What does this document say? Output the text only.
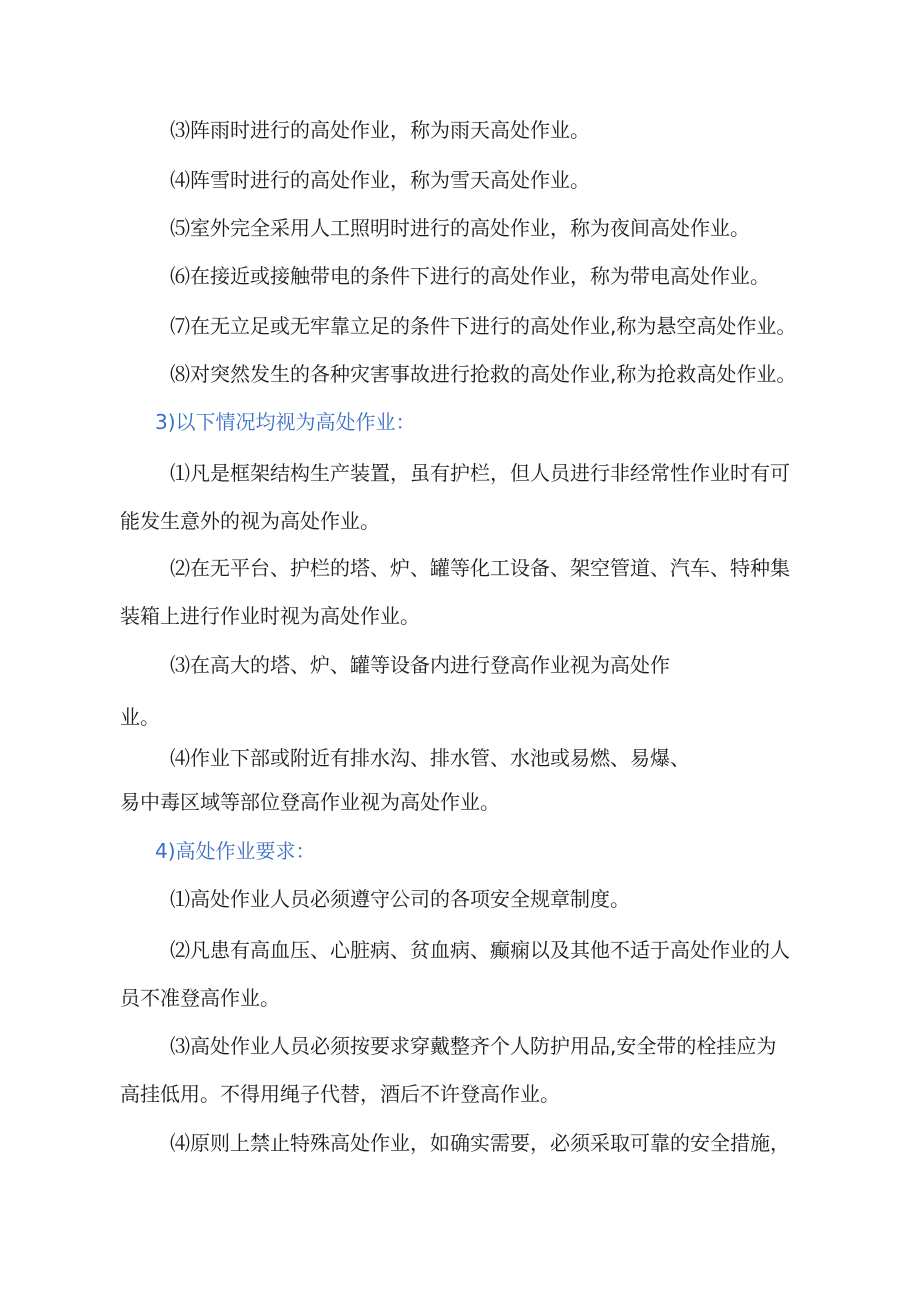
⑶阵雨时进行的高处作业，称为雨天高处作业。
⑷阵雪时进行的高处作业，称为雪天高处作业。
⑸室外完全采用人工照明时进行的高处作业，称为夜间高处作业。
⑹在接近或接触带电的条件下进行的高处作业，称为带电高处作业。
⑺在无立足或无牢靠立足的条件下进行的高处作业,称为悬空高处作业。
⑻对突然发生的各种灾害事故进行抢救的高处作业,称为抢救高处作业。
3)以下情况均视为高处作业：
⑴凡是框架结构生产装置，虽有护栏，但人员进行非经常性作业时有可
能发生意外的视为高处作业。
⑵在无平台、护栏的塔、炉、罐等化工设备、架空管道、汽车、特种集
装箱上进行作业时视为高处作业。
⑶在高大的塔、炉、罐等设备内进行登高作业视为高处作
业。
⑷作业下部或附近有排水沟、排水管、水池或易燃、易爆、
易中毒区域等部位登高作业视为高处作业。
4)高处作业要求：
⑴高处作业人员必须遵守公司的各项安全规章制度。
⑵凡患有高血压、心脏病、贫血病、癫痫以及其他不适于高处作业的人
员不准登高作业。
⑶高处作业人员必须按要求穿戴整齐个人防护用品,安全带的栓挂应为
高挂低用。不得用绳子代替，酒后不许登高作业。
⑷原则上禁止特殊高处作业，如确实需要，必须采取可靠的安全措施，
